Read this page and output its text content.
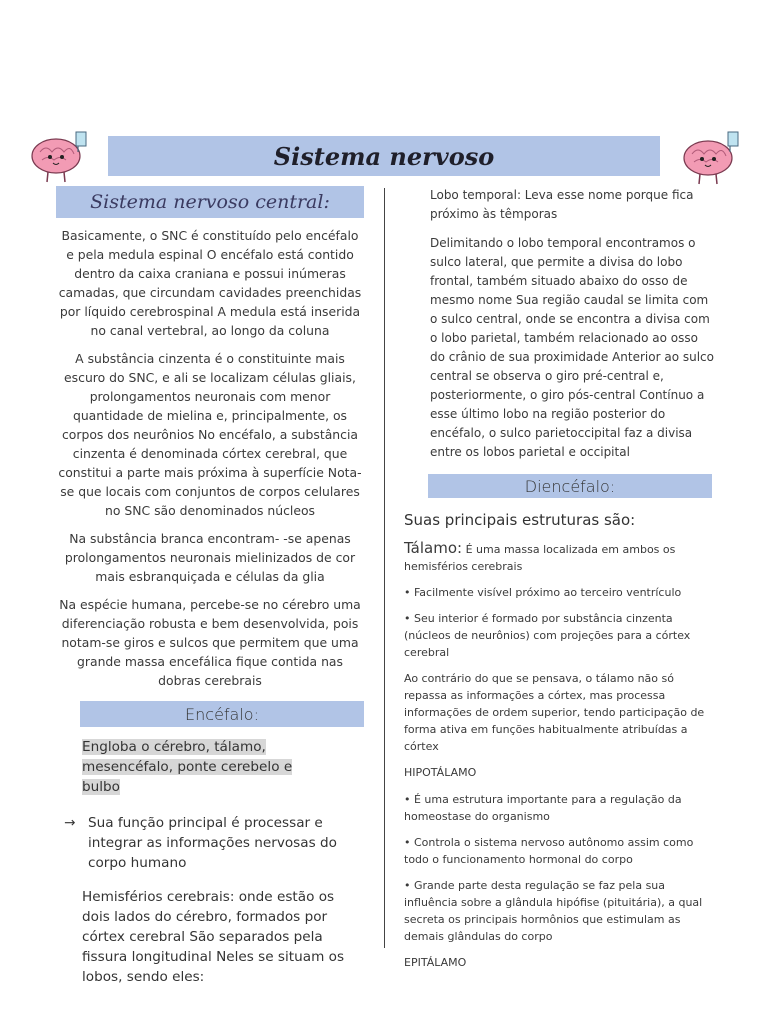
Sistema nervoso
Sistema nervoso central:

Basicamente, o SNC é constituído pelo encéfalo e pela medula espinal O encéfalo está contido dentro da caixa craniana e possui inúmeras camadas, que circundam cavidades preenchidas por líquido cerebrospinal A medula está inserida no canal vertebral, ao longo da coluna

A substância cinzenta é o constituinte mais escuro do SNC, e ali se localizam células gliais, prolongamentos neuronais com menor quantidade de mielina e, principalmente, os corpos dos neurônios No encéfalo, a substância cinzenta é denominada córtex cerebral, que constitui a parte mais próxima à superfície Nota-se que locais com conjuntos de corpos celulares no SNC são denominados núcleos

Na substância branca encontram- -se apenas prolongamentos neuronais mielinizados de cor mais esbranquiçada e células da glia

Na espécie humana, percebe-se no cérebro uma diferenciação robusta e bem desenvolvida, pois notam-se giros e sulcos que permitem que uma grande massa encefálica fique contida nas dobras cerebrais

Encéfalo:

Engloba o cérebro, tálamo, mesencéfalo, ponte cerebelo e bulbo

→ Sua função principal é processar e integrar as informações nervosas do corpo humano

Hemisférios cerebrais: onde estão os dois lados do cérebro, formados por córtex cerebral São separados pela fissura longitudinal Neles se situam os lobos, sendo eles:

Lobo temporal: Leva esse nome porque fica próximo às têmporas

Delimitando o lobo temporal encontramos o sulco lateral, que permite a divisa do lobo frontal, também situado abaixo do osso de mesmo nome Sua região caudal se limita com o sulco central, onde se encontra a divisa com o lobo parietal, também relacionado ao osso do crânio de sua proximidade Anterior ao sulco central se observa o giro pré-central e, posteriormente, o giro pós-central Contínuo a esse último lobo na região posterior do encéfalo, o sulco parietoccipital faz a divisa entre os lobos parietal e occipital

Diencéfalo:

Suas principais estruturas são:

Tálamo: É uma massa localizada em ambos os hemisférios cerebrais

• Facilmente visível próximo ao terceiro ventrículo

• Seu interior é formado por substância cinzenta (núcleos de neurônios) com projeções para a córtex cerebral

Ao contrário do que se pensava, o tálamo não só repassa as informações a córtex, mas processa informações de ordem superior, tendo participação de forma ativa em funções habitualmente atribuídas a córtex

HIPOTÁLAMO

• É uma estrutura importante para a regulação da homeostase do organismo

• Controla o sistema nervoso autônomo assim como todo o funcionamento hormonal do corpo

• Grande parte desta regulação se faz pela sua influência sobre a glândula hipófise (pituitária), a qual secreta os principais hormônios que estimulam as demais glândulas do corpo

EPITÁLAMO
